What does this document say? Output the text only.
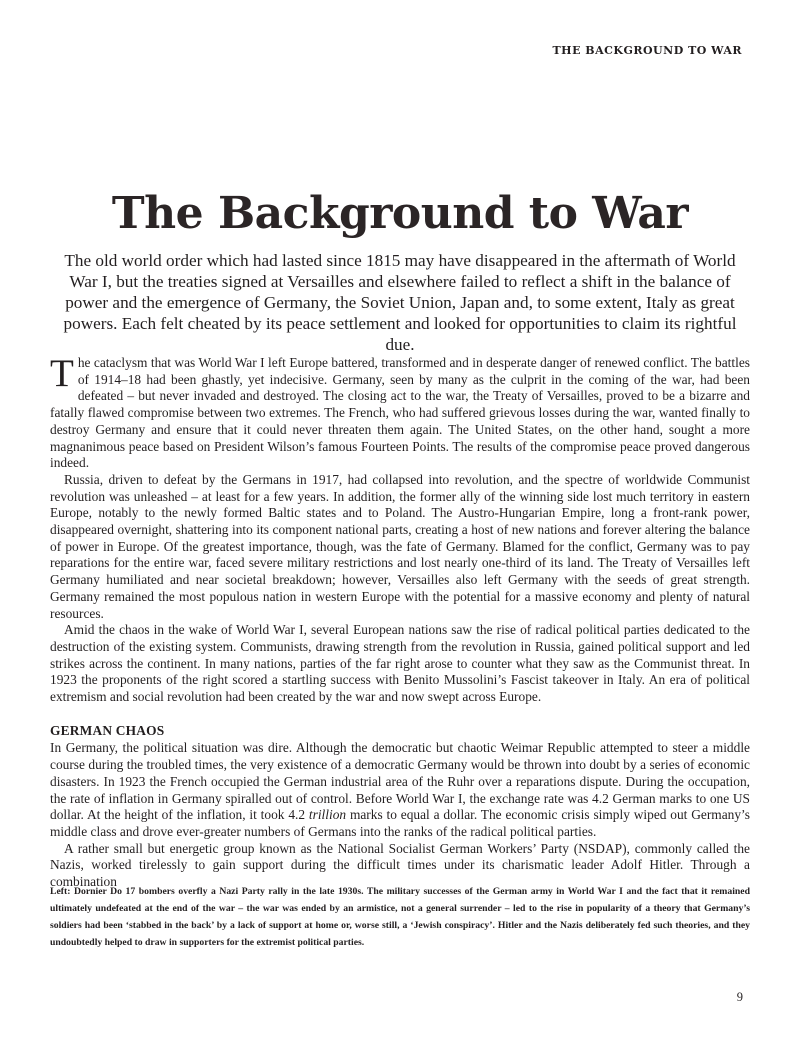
THE BACKGROUND TO WAR

The Background to War

The old world order which had lasted since 1815 may have disappeared in the aftermath of World War I, but the treaties signed at Versailles and elsewhere failed to reflect a shift in the balance of power and the emergence of Germany, the Soviet Union, Japan and, to some extent, Italy as great powers. Each felt cheated by its peace settlement and looked for opportunities to claim its rightful due.

The cataclysm that was World War I left Europe battered, transformed and in desperate danger of renewed conflict. The battles of 1914–18 had been ghastly, yet indecisive. Germany, seen by many as the culprit in the coming of the war, had been defeated – but never invaded and destroyed. The closing act to the war, the Treaty of Versailles, proved to be a bizarre and fatally flawed compromise between two extremes. The French, who had suffered grievous losses during the war, wanted finally to destroy Germany and ensure that it could never threaten them again. The United States, on the other hand, sought a more magnanimous peace based on President Wilson’s famous Fourteen Points. The results of the compromise peace proved dangerous indeed.

Russia, driven to defeat by the Germans in 1917, had collapsed into revolution, and the spectre of worldwide Communist revolution was unleashed – at least for a few years. In addition, the former ally of the winning side lost much territory in eastern Europe, notably to the newly formed Baltic states and to Poland. The Austro-Hungarian Empire, long a front-rank power, disappeared overnight, shattering into its component national parts, creating a host of new nations and forever altering the balance of power in Europe. Of the greatest importance, though, was the fate of Germany. Blamed for the conflict, Germany was to pay reparations for the entire war, faced severe military restrictions and lost nearly one-third of its land. The Treaty of Versailles left Germany humiliated and near societal breakdown; however, Versailles also left Germany with the seeds of great strength. Germany remained the most populous nation in western Europe with the potential for a massive economy and plenty of natural resources.

Amid the chaos in the wake of World War I, several European nations saw the rise of radical political parties dedicated to the destruction of the existing system. Communists, drawing strength from the revolution in Russia, gained political support and led strikes across the continent. In many nations, parties of the far right arose to counter what they saw as the Communist threat. In 1923 the proponents of the right scored a startling success with Benito Mussolini’s Fascist takeover in Italy. An era of political extremism and social revolution had been created by the war and now swept across Europe.

GERMAN CHAOS

In Germany, the political situation was dire. Although the democratic but chaotic Weimar Republic attempted to steer a middle course during the troubled times, the very existence of a democratic Germany would be thrown into doubt by a series of economic disasters. In 1923 the French occupied the German industrial area of the Ruhr over a reparations dispute. During the occupation, the rate of inflation in Germany spiralled out of control. Before World War I, the exchange rate was 4.2 German marks to one US dollar. At the height of the inflation, it took 4.2 trillion marks to equal a dollar. The economic crisis simply wiped out Germany’s middle class and drove ever-greater numbers of Germans into the ranks of the radical political parties.

A rather small but energetic group known as the National Socialist German Workers’ Party (NSDAP), commonly called the Nazis, worked tirelessly to gain support during the difficult times under its charismatic leader Adolf Hitler. Through a combination

Left: Dornier Do 17 bombers overfly a Nazi Party rally in the late 1930s. The military successes of the German army in World War I and the fact that it remained ultimately undefeated at the end of the war – the war was ended by an armistice, not a general surrender – led to the rise in popularity of a theory that Germany’s soldiers had been ‘stabbed in the back’ by a lack of support at home or, worse still, a ‘Jewish conspiracy’. Hitler and the Nazis deliberately fed such theories, and they undoubtedly helped to draw in supporters for the extremist political parties.

9
